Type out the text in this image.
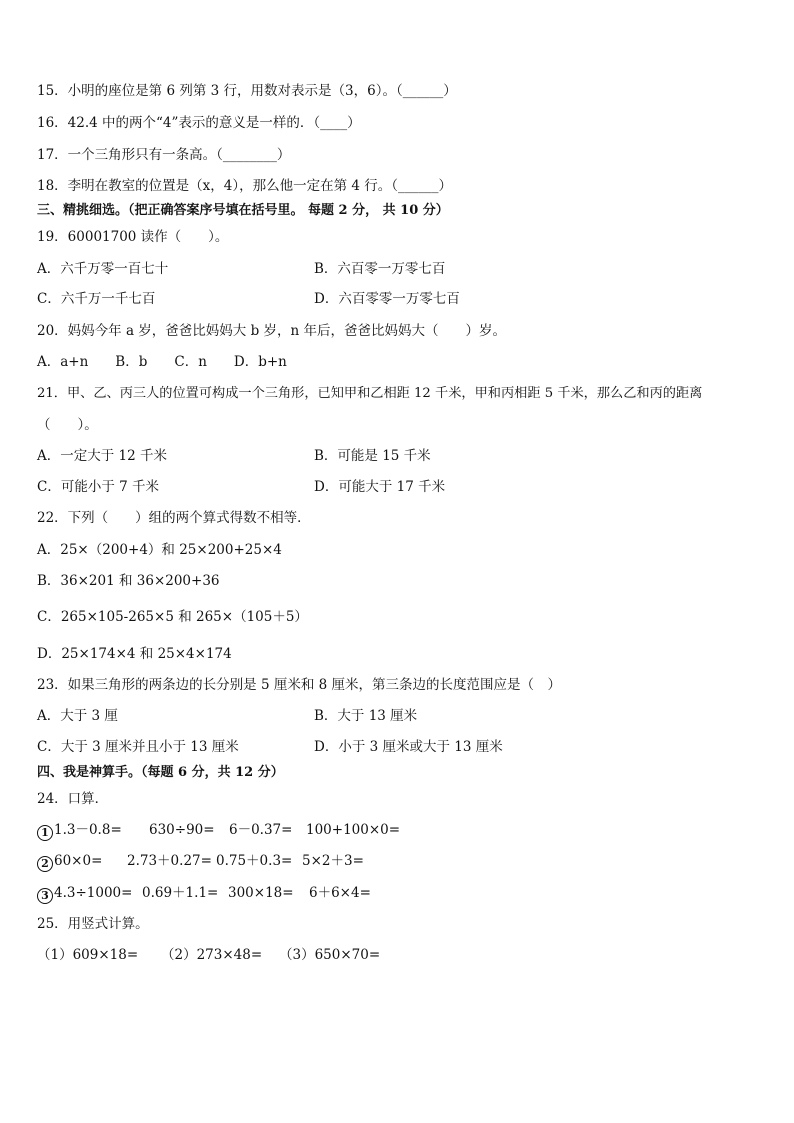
15．小明的座位是第 6 列第 3 行，用数对表示是（3，6）。（______）
16．42.4 中的两个“4”表示的意义是一样的．（____）
17．一个三角形只有一条高。（________）
18．李明在教室的位置是（x，4），那么他一定在第 4 行。（______）
三、精挑细选。（把正确答案序号填在括号里。 每题 2 分， 共 10 分）
19．60001700 读作（　　）。
A．六千万零一百七十	B．六百零一万零七百
C．六千万一千七百	D．六百零零一万零七百
20．妈妈今年 a 岁，爸爸比妈妈大 b 岁，n 年后，爸爸比妈妈大（　　）岁。
A．a+n　　B．b　　C．n　　D．b+n
21．甲、乙、丙三人的位置可构成一个三角形，已知甲和乙相距 12 千米，甲和丙相距 5 千米，那么乙和丙的距离
（　　）。
A．一定大于 12 千米	B．可能是 15 千米
C．可能小于 7 千米	D．可能大于 17 千米
22．下列（　　）组的两个算式得数不相等．
A．25×（200+4）和 25×200+25×4
B．36×201 和 36×200+36
C．265×105-265×5 和 265×（105＋5）
D．25×174×4 和 25×4×174
23．如果三角形的两条边的长分别是 5 厘米和 8 厘米，第三条边的长度范围应是（　）
A．大于 3 厘	B．大于 13 厘米
C．大于 3 厘米并且小于 13 厘米	D．小于 3 厘米或大于 13 厘米
四、我是神算手。（每题 6 分，共 12 分）
24．口算．
1 1.3－0.8= 630÷90= 6－0.37= 100+100×0=
2 60×0= 2.73＋0.27= 0.75＋0.3= 5×2＋3=
3 4.3÷1000= 0.69＋1.1= 300×18= 6＋6×4=
25．用竖式计算。
（1）609×18= （2）273×48= （3）650×70=
